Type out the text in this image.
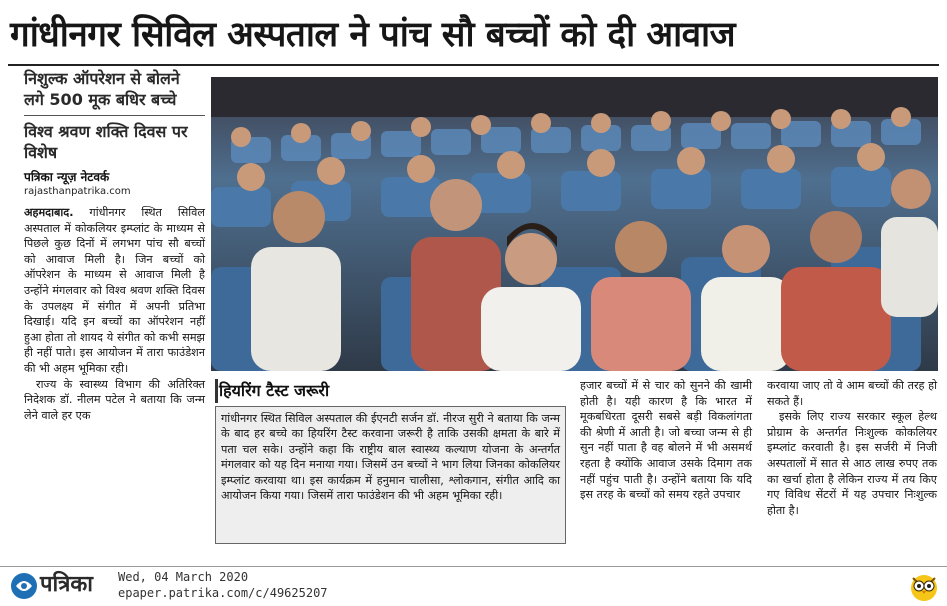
गांधीनगर सिविल अस्पताल ने पांच सौ बच्चों को दी आवाज
निशुल्क ऑपरेशन से बोलने लगे 500 मूक बधिर बच्चे
विश्व श्रवण शक्ति दिवस पर विशेष
पत्रिका न्यूज़ नेटवर्क
rajasthanpatrika.com

अहमदाबाद. गांधीनगर स्थित सिविल अस्पताल में कोकलियर इम्प्लांट के माध्यम से पिछले कुछ दिनों में लगभग पांच सौ बच्चों को आवाज मिली है। जिन बच्चों को ऑपरेशन के माध्यम से आवाज मिली है उन्होंने मंगलवार को विश्व श्रवण शक्ति दिवस के उपलक्ष्य में संगीत में अपनी प्रतिभा दिखाई। यदि इन बच्चों का ऑपरेशन नहीं हुआ होता तो शायद ये संगीत को कभी समझ ही नहीं पाते। इस आयोजन में तारा फाउंडेशन की भी अहम भूमिका रही।

राज्य के स्वास्थ्य विभाग की अतिरिक्त निदेशक डॉ. नीलम पटेल ने बताया कि जन्म लेने वाले हर एक

हियरिंग टैस्ट जरूरी
गांधीनगर स्थित सिविल अस्पताल की ईएनटी सर्जन डॉ. नीरज सुरी ने बताया कि जन्म के बाद हर बच्चे का हियरिंग टैस्ट करवाना जरूरी है ताकि उसकी क्षमता के बारे में पता चल सके। उन्होंने कहा कि राष्ट्रीय बाल स्वास्थ्य कल्याण योजना के अन्तर्गत मंगलवार को यह दिन मनाया गया। जिसमें उन बच्चों ने भाग लिया जिनका कोकलियर इम्प्लांट करवाया था। इस कार्यक्रम में हनुमान चालीसा, श्लोकगान, संगीत आदि का आयोजन किया गया। जिसमें तारा फाउंडेशन की भी अहम भूमिका रही।
हजार बच्चों में से चार को सुनने की खामी होती है। यही कारण है कि भारत में मूकबधिरता दूसरी सबसे बड़ी विकलांगता की श्रेणी में आती है। जो बच्चा जन्म से ही सुन नहीं पाता है वह बोलने में भी असमर्थ रहता है क्योंकि आवाज उसके दिमाग तक नहीं पहुंच पाती है। उन्होंने बताया कि यदि इस तरह के बच्चों को समय रहते उपचार

करवाया जाए तो वे आम बच्चों की तरह हो सकते हैं।

इसके लिए राज्य सरकार स्कूल हेल्थ प्रोग्राम के अन्तर्गत निःशुल्क कोकलियर इम्प्लांट करवाती है। इस सर्जरी में निजी अस्पतालों में सात से आठ लाख रुपए तक का खर्चा होता है लेकिन राज्य में तय किए गए विविध सेंटरों में यह उपचार निःशुल्क होता है।

पत्रिका Wed, 04 March 2020
epaper.patrika.com/c/49625207
